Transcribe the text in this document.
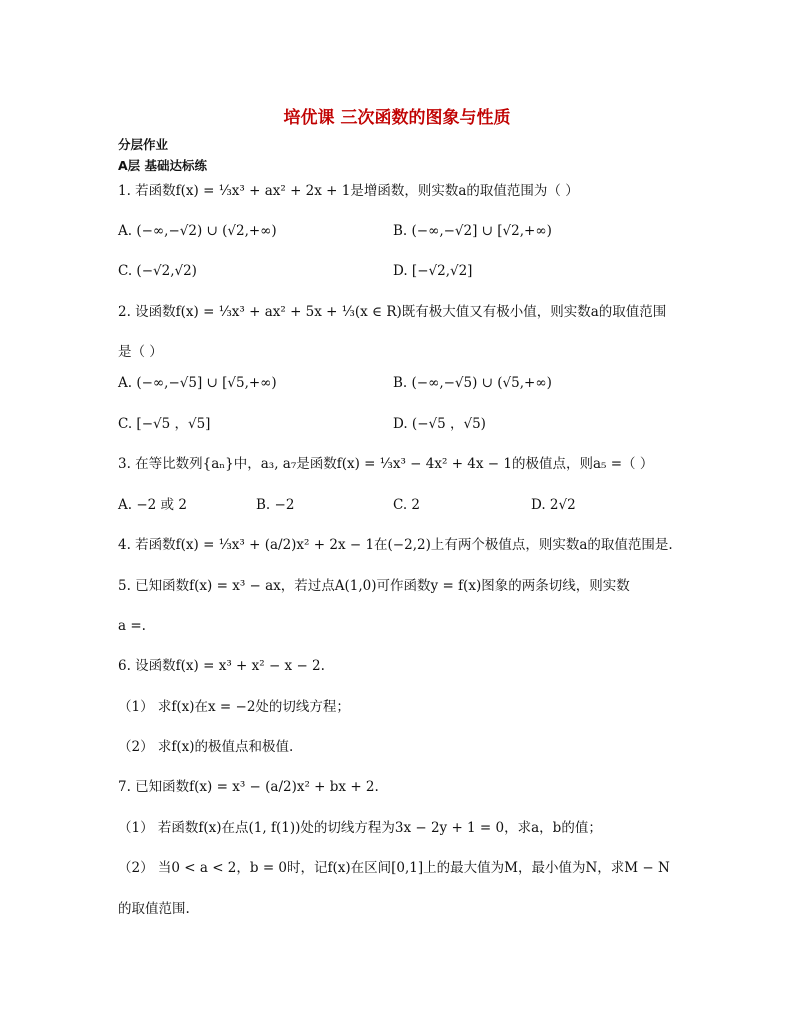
培优课 三次函数的图象与性质
分层作业
A层 基础达标练
1. 若函数f(x) = ⅓x³ + ax² + 2x + 1是增函数，则实数a的取值范围为（ ）
A. (−∞,−√2) ∪ (√2,+∞)	B. (−∞,−√2] ∪ [√2,+∞)
C. (−√2,√2)	D. [−√2,√2]
2. 设函数f(x) = ⅓x³ + ax² + 5x + ⅓(x ∈ R)既有极大值又有极小值，则实数a的取值范围
是（ ）
A. (−∞,−√5] ∪ [√5,+∞)	B. (−∞,−√5) ∪ (√5,+∞)
C. [−√5 ，√5]	D. (−√5 ，√5)
3. 在等比数列{aₙ}中，a₃, a₇是函数f(x) = ⅓x³ − 4x² + 4x − 1的极值点，则a₅ =（ ）
A. −2 或 2	B. −2	C. 2	D. 2√2
4. 若函数f(x) = ⅓x³ + (a/2)x² + 2x − 1在(−2,2)上有两个极值点，则实数a的取值范围是.
5. 已知函数f(x) = x³ − ax，若过点A(1,0)可作函数y = f(x)图象的两条切线，则实数
a =.
6. 设函数f(x) = x³ + x² − x − 2.
（1） 求f(x)在x = −2处的切线方程；
（2） 求f(x)的极值点和极值.
7. 已知函数f(x) = x³ − (a/2)x² + bx + 2.
（1） 若函数f(x)在点(1, f(1))处的切线方程为3x − 2y + 1 = 0，求a，b的值；
（2） 当0 < a < 2，b = 0时，记f(x)在区间[0,1]上的最大值为M，最小值为N，求M − N
的取值范围.
